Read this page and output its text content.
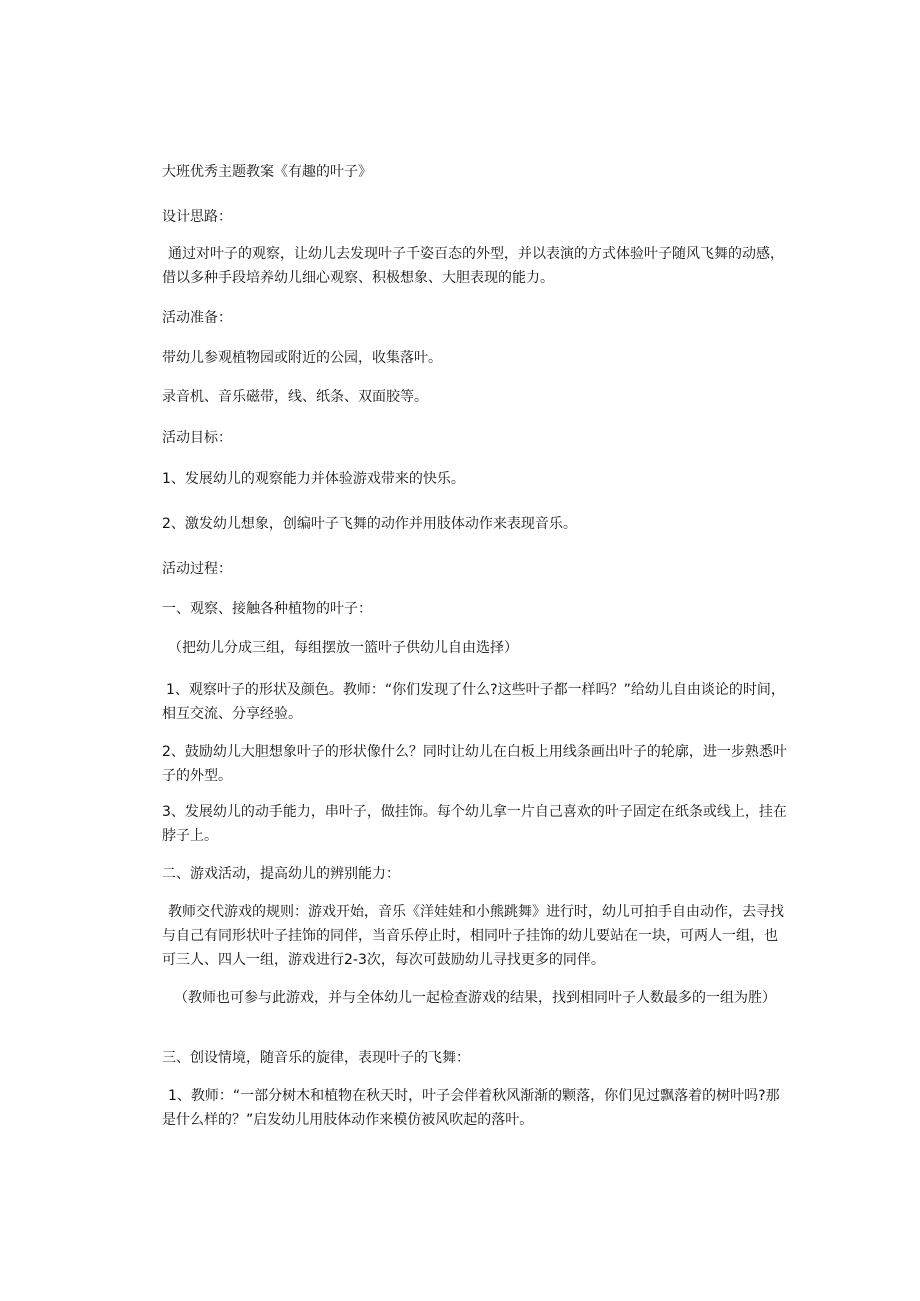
大班优秀主题教案《有趣的叶子》

设计思路：

通过对叶子的观察，让幼儿去发现叶子千姿百态的外型，并以表演的方式体验叶子随风飞舞的动感，借以多种手段培养幼儿细心观察、积极想象、大胆表现的能力。

活动准备：

带幼儿参观植物园或附近的公园，收集落叶。

录音机、音乐磁带，线、纸条、双面胶等。

活动目标：

1、发展幼儿的观察能力并体验游戏带来的快乐。

2、激发幼儿想象，创编叶子飞舞的动作并用肢体动作来表现音乐。

活动过程：

一、观察、接触各种植物的叶子：

（把幼儿分成三组，每组摆放一篮叶子供幼儿自由选择）

1、观察叶子的形状及颜色。教师：“你们发现了什么?这些叶子都一样吗？”给幼儿自由谈论的时间，相互交流、分享经验。

2、鼓励幼儿大胆想象叶子的形状像什么？同时让幼儿在白板上用线条画出叶子的轮廓，进一步熟悉叶子的外型。

3、发展幼儿的动手能力，串叶子，做挂饰。每个幼儿拿一片自己喜欢的叶子固定在纸条或线上，挂在脖子上。

二、游戏活动，提高幼儿的辨别能力：

教师交代游戏的规则：游戏开始，音乐《洋娃娃和小熊跳舞》进行时，幼儿可拍手自由动作，去寻找与自己有同形状叶子挂饰的同伴，当音乐停止时，相同叶子挂饰的幼儿要站在一块，可两人一组，也可三人、四人一组，游戏进行2-3次，每次可鼓励幼儿寻找更多的同伴。

（教师也可参与此游戏，并与全体幼儿一起检查游戏的结果，找到相同叶子人数最多的一组为胜）

三、创设情境，随音乐的旋律，表现叶子的飞舞：

1、教师：“一部分树木和植物在秋天时，叶子会伴着秋风渐渐的颗落，你们见过飘落着的树叶吗?那是什么样的？”启发幼儿用肢体动作来模仿被风吹起的落叶。
